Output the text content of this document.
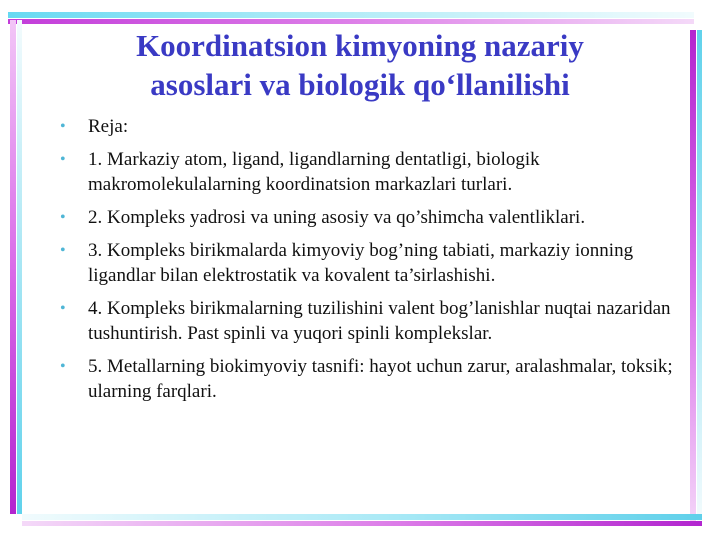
Koordinatsion kimyoning nazariy
asoslari va biologik qo‘llanilishi
• Reja:
• 1. Markaziy atom, ligand, ligandlarning dentatligi, biologik makromolekulalarning koordinatsion markazlari turlari.
• 2. Kompleks yadrosi va uning asosiy va qo’shimcha valentliklari.
• 3. Kompleks birikmalarda kimyoviy bog’ning tabiati, markaziy ionning ligandlar bilan elektrostatik va kovalent ta’sirlashishi.
• 4. Kompleks birikmalarning tuzilishini valent bog’lanishlar nuqtai nazaridan tushuntirish. Past spinli va yuqori spinli komplekslar.
• 5. Metallarning biokimyoviy tasnifi: hayot uchun zarur, aralashmalar, toksik; ularning farqlari.
